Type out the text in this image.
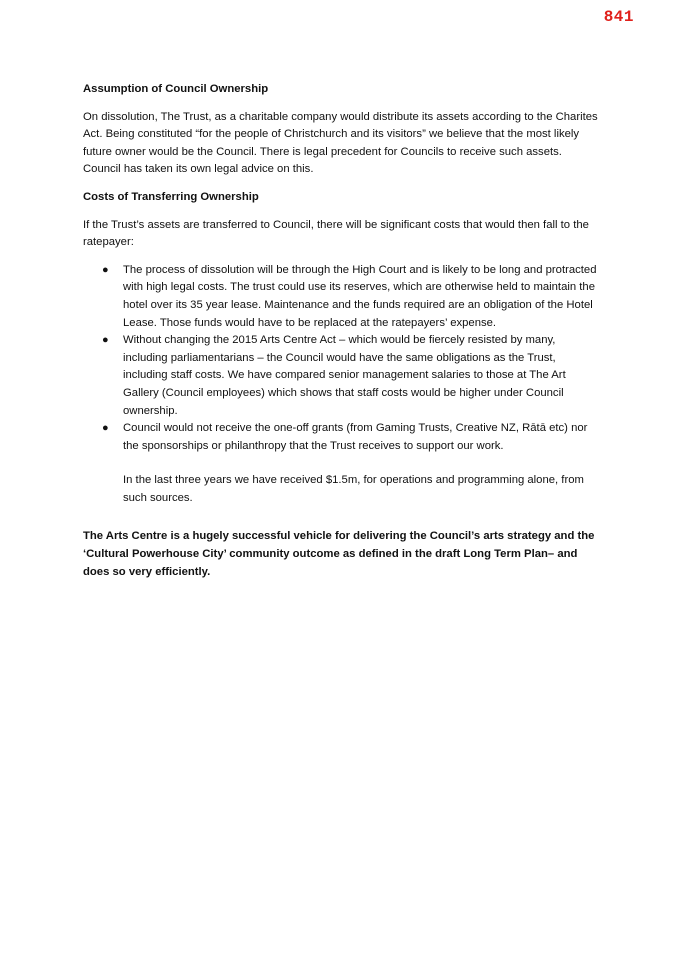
841
Assumption of Council Ownership

On dissolution, The Trust, as a charitable company would distribute its assets according to the Charites Act. Being constituted “for the people of Christchurch and its visitors” we believe that the most likely future owner would be the Council. There is legal precedent for Councils to receive such assets. Council has taken its own legal advice on this.

Costs of Transferring Ownership

If the Trust’s assets are transferred to Council, there will be significant costs that would then fall to the ratepayer:

● The process of dissolution will be through the High Court and is likely to be long and protracted with high legal costs. The trust could use its reserves, which are otherwise held to maintain the hotel over its 35 year lease. Maintenance and the funds required are an obligation of the Hotel Lease. Those funds would have to be replaced at the ratepayers’ expense.
● Without changing the 2015 Arts Centre Act – which would be fiercely resisted by many, including parliamentarians – the Council would have the same obligations as the Trust, including staff costs. We have compared senior management salaries to those at The Art Gallery (Council employees) which shows that staff costs would be higher under Council ownership.
● Council would not receive the one-off grants (from Gaming Trusts, Creative NZ, Rātā etc) nor the sponsorships or philanthropy that the Trust receives to support our work.
In the last three years we have received $1.5m, for operations and programming alone, from such sources.

The Arts Centre is a hugely successful vehicle for delivering the Council’s arts strategy and the ‘Cultural Powerhouse City’ community outcome as defined in the draft Long Term Plan– and does so very efficiently.
